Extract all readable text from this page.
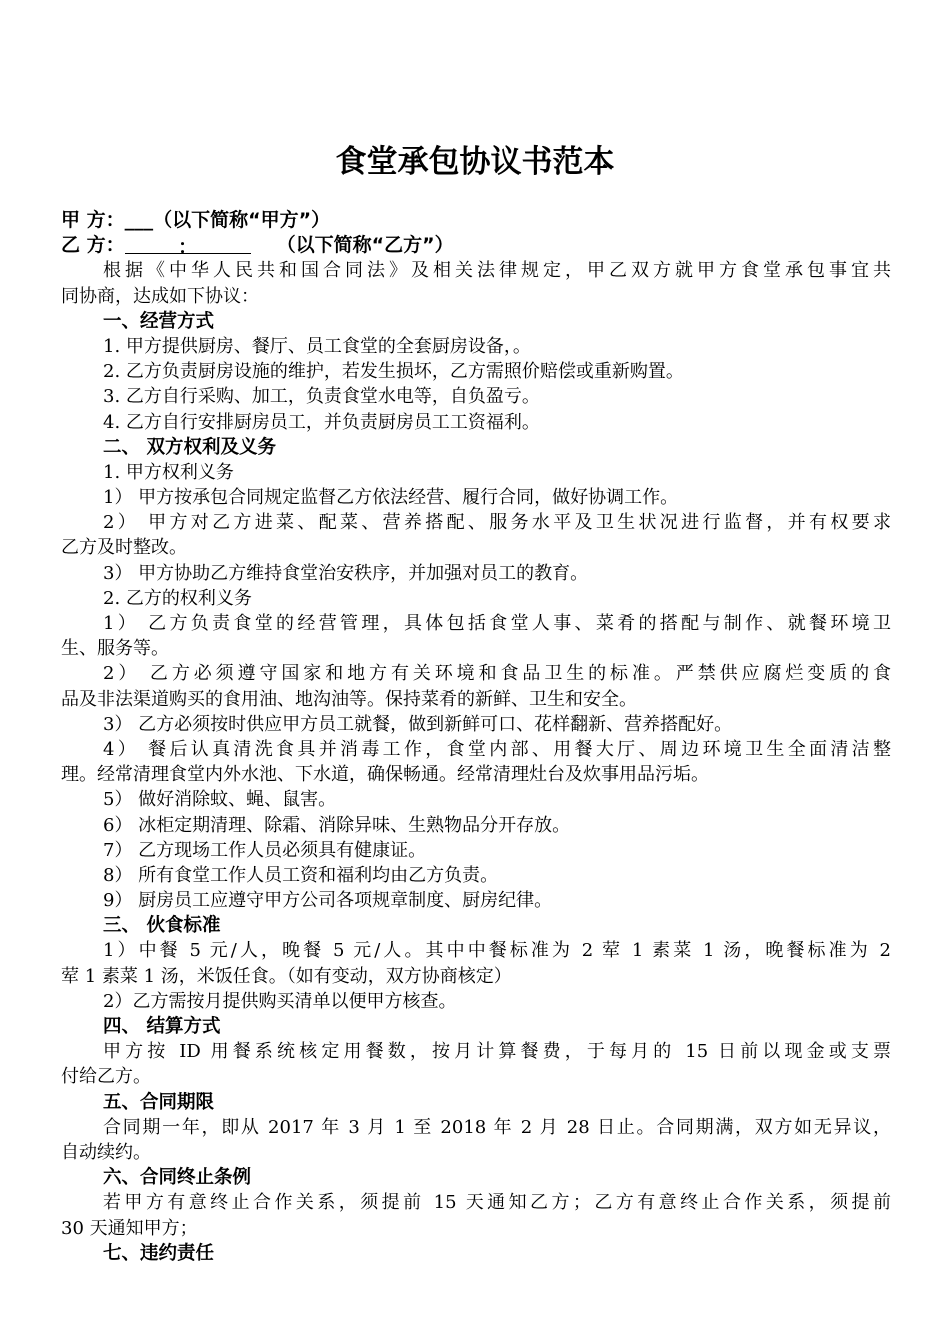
食堂承包协议书范本
甲 方：___（以下简称“甲方”）
乙 方：	：	（以下简称“乙方”）
根据《中华人民共和国合同法》及相关法律规定，甲乙双方就甲方食堂承包事宜共
同协商，达成如下协议：
一、经营方式
1. 甲方提供厨房、餐厅、员工食堂的全套厨房设备，。
2. 乙方负责厨房设施的维护，若发生损坏，乙方需照价赔偿或重新购置。
3. 乙方自行采购、加工，负责食堂水电等，自负盈亏。
4. 乙方自行安排厨房员工，并负责厨房员工工资福利。
二、 双方权利及义务
1. 甲方权利义务
1） 甲方按承包合同规定监督乙方依法经营、履行合同，做好协调工作。
2） 甲方对乙方进菜、配菜、营养搭配、服务水平及卫生状况进行监督，并有权要求
乙方及时整改。
3） 甲方协助乙方维持食堂治安秩序，并加强对员工的教育。
2. 乙方的权利义务
1） 乙方负责食堂的经营管理，具体包括食堂人事、菜肴的搭配与制作、就餐环境卫
生、服务等。
2） 乙方必须遵守国家和地方有关环境和食品卫生的标准。严禁供应腐烂变质的食
品及非法渠道购买的食用油、地沟油等。保持菜肴的新鲜、卫生和安全。
3） 乙方必须按时供应甲方员工就餐，做到新鲜可口、花样翻新、营养搭配好。
4） 餐后认真清洗食具并消毒工作，食堂内部、用餐大厅、周边环境卫生全面清洁整
理。经常清理食堂内外水池、下水道，确保畅通。经常清理灶台及炊事用品污垢。
5） 做好消除蚊、蝇、鼠害。
6） 冰柜定期清理、除霜、消除异味、生熟物品分开存放。
7） 乙方现场工作人员必须具有健康证。
8） 所有食堂工作人员工资和福利均由乙方负责。
9） 厨房员工应遵守甲方公司各项规章制度、厨房纪律。
三、 伙食标准
1）中餐 5 元/人，晚餐 5 元/人。其中中餐标准为 2 荤 1 素菜 1 汤，晚餐标准为 2
荤 1 素菜 1 汤，米饭任食。（如有变动，双方协商核定）
2）乙方需按月提供购买清单以便甲方核查。
四、 结算方式
甲方按 ID 用餐系统核定用餐数，按月计算餐费，于每月的 15 日前以现金或支票
付给乙方。
五、合同期限
合同期一年，即从 2017 年 3 月 1 至 2018 年 2 月 28 日止。合同期满，双方如无异议，
自动续约。
六、合同终止条例
若甲方有意终止合作关系，须提前 15 天通知乙方；乙方有意终止合作关系，须提前
30 天通知甲方；
七、违约责任
